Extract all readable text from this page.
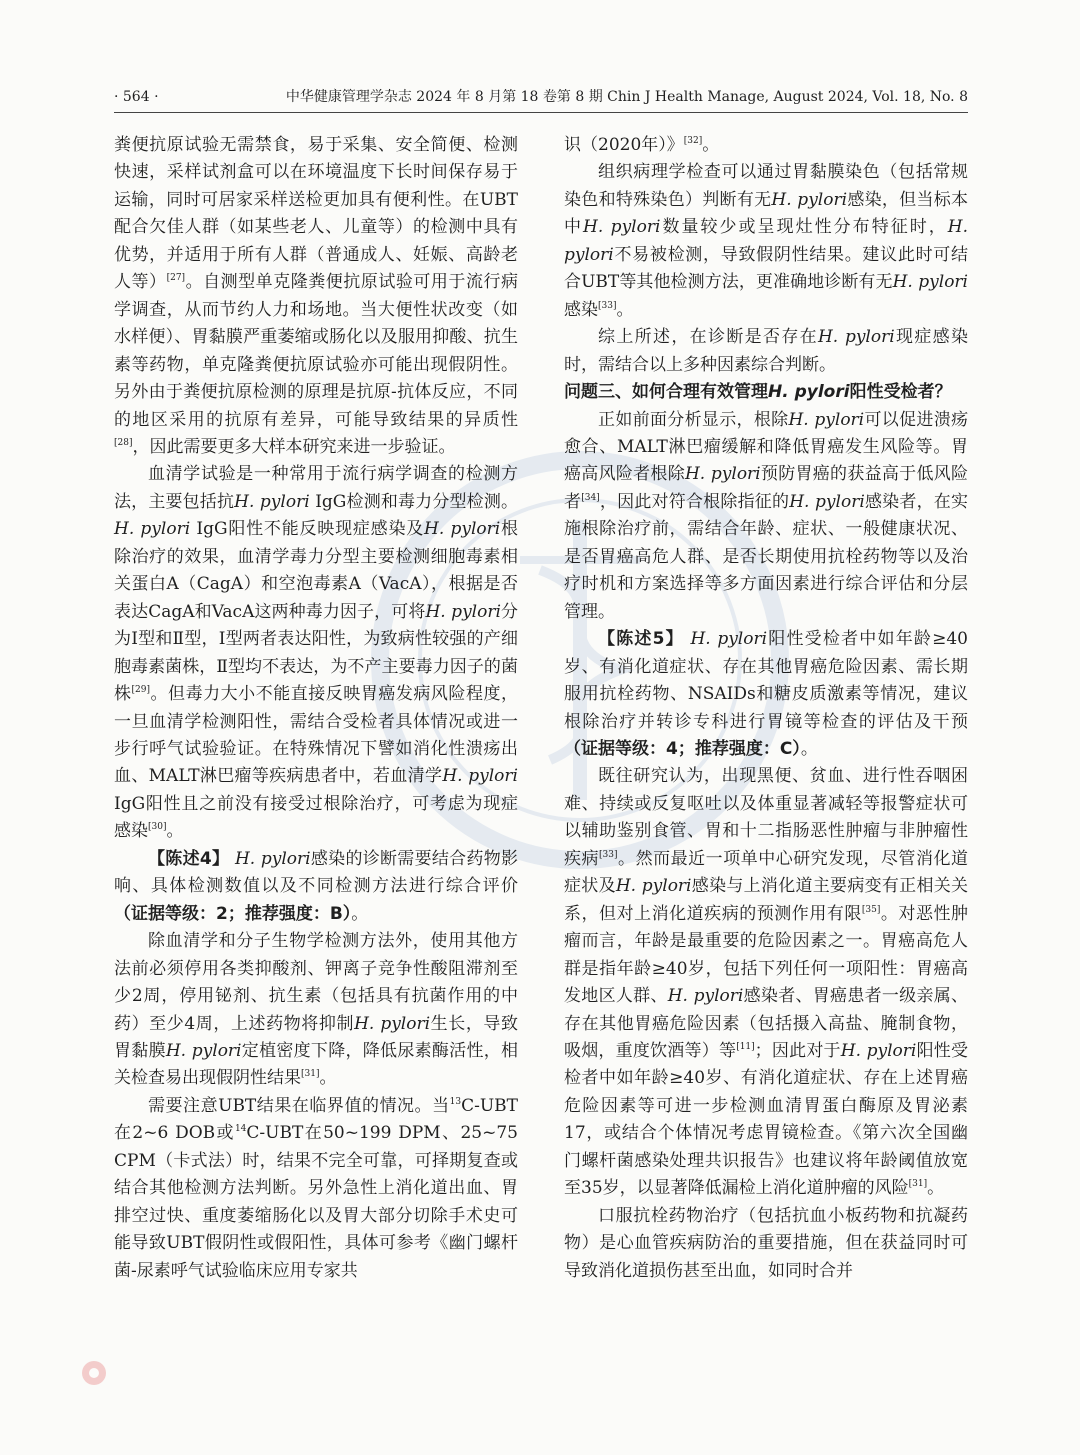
· 564 ·	中华健康管理学杂志 2024 年 8 月第 18 卷第 8 期 Chin J Health Manage, August 2024, Vol. 18, No. 8

粪便抗原试验无需禁食，易于采集、安全简便、检测快速，采样试剂盒可以在环境温度下长时间保存易于运输，同时可居家采样送检更加具有便利性。在UBT配合欠佳人群（如某些老人、儿童等）的检测中具有优势，并适用于所有人群（普通成人、妊娠、高龄老人等）[27]。自测型单克隆粪便抗原试验可用于流行病学调查，从而节约人力和场地。当大便性状改变（如水样便）、胃黏膜严重萎缩或肠化以及服用抑酸、抗生素等药物，单克隆粪便抗原试验亦可能出现假阴性。另外由于粪便抗原检测的原理是抗原-抗体反应，不同的地区采用的抗原有差异，可能导致结果的异质性[28]，因此需要更多大样本研究来进一步验证。

血清学试验是一种常用于流行病学调查的检测方法，主要包括抗H. pylori IgG检测和毒力分型检测。H. pylori IgG阳性不能反映现症感染及H. pylori根除治疗的效果，血清学毒力分型主要检测细胞毒素相关蛋白A（CagA）和空泡毒素A（VacA），根据是否表达CagA和VacA这两种毒力因子，可将H. pylori分为Ⅰ型和Ⅱ型，Ⅰ型两者表达阳性，为致病性较强的产细胞毒素菌株，Ⅱ型均不表达，为不产主要毒力因子的菌株[29]。但毒力大小不能直接反映胃癌发病风险程度，一旦血清学检测阳性，需结合受检者具体情况或进一步行呼气试验验证。在特殊情况下譬如消化性溃疡出血、MALT淋巴瘤等疾病患者中，若血清学H. pylori IgG阳性且之前没有接受过根除治疗，可考虑为现症感染[30]。

【陈述4】 H. pylori感染的诊断需要结合药物影响、具体检测数值以及不同检测方法进行综合评价（证据等级：2；推荐强度：B）。

除血清学和分子生物学检测方法外，使用其他方法前必须停用各类抑酸剂、钾离子竞争性酸阻滞剂至少2周，停用铋剂、抗生素（包括具有抗菌作用的中药）至少4周，上述药物将抑制H. pylori生长，导致胃黏膜H. pylori定植密度下降，降低尿素酶活性，相关检查易出现假阴性结果[31]。

需要注意UBT结果在临界值的情况。当$^{13}$C-UBT在2~6 DOB或$^{14}$C-UBT在50~199 DPM、25~75 CPM（卡式法）时，结果不完全可靠，可择期复查或结合其他检测方法判断。另外急性上消化道出血、胃排空过快、重度萎缩肠化以及胃大部分切除手术史可能导致UBT假阴性或假阳性，具体可参考《幽门螺杆菌-尿素呼气试验临床应用专家共

识（2020年）》[32]。

组织病理学检查可以通过胃黏膜染色（包括常规染色和特殊染色）判断有无H. pylori感染，但当标本中H. pylori数量较少或呈现灶性分布特征时，H. pylori不易被检测，导致假阴性结果。建议此时可结合UBT等其他检测方法，更准确地诊断有无H. pylori感染[33]。

综上所述，在诊断是否存在H. pylori现症感染时，需结合以上多种因素综合判断。

问题三、如何合理有效管理H. pylori阳性受检者？

正如前面分析显示，根除H. pylori可以促进溃疡愈合、MALT淋巴瘤缓解和降低胃癌发生风险等。胃癌高风险者根除H. pylori预防胃癌的获益高于低风险者[34]，因此对符合根除指征的H. pylori感染者，在实施根除治疗前，需结合年龄、症状、一般健康状况、是否胃癌高危人群、是否长期使用抗栓药物等以及治疗时机和方案选择等多方面因素进行综合评估和分层管理。

【陈述5】 H. pylori阳性受检者中如年龄≥40岁、有消化道症状、存在其他胃癌危险因素、需长期服用抗栓药物、NSAIDs和糖皮质激素等情况，建议根除治疗并转诊专科进行胃镜等检查的评估及干预（证据等级：4；推荐强度：C）。

既往研究认为，出现黑便、贫血、进行性吞咽困难、持续或反复呕吐以及体重显著减轻等报警症状可以辅助鉴别食管、胃和十二指肠恶性肿瘤与非肿瘤性疾病[33]。然而最近一项单中心研究发现，尽管消化道症状及H. pylori感染与上消化道主要病变有正相关关系，但对上消化道疾病的预测作用有限[35]。对恶性肿瘤而言，年龄是最重要的危险因素之一。胃癌高危人群是指年龄≥40岁，包括下列任何一项阳性：胃癌高发地区人群、H. pylori感染者、胃癌患者一级亲属、存在其他胃癌危险因素（包括摄入高盐、腌制食物，吸烟，重度饮酒等）等[11]；因此对于H. pylori阳性受检者中如年龄≥40岁、有消化道症状、存在上述胃癌危险因素等可进一步检测血清胃蛋白酶原及胃泌素17，或结合个体情况考虑胃镜检查。《第六次全国幽门螺杆菌感染处理共识报告》也建议将年龄阈值放宽至35岁，以显著降低漏检上消化道肿瘤的风险[31]。

口服抗栓药物治疗（包括抗血小板药物和抗凝药物）是心血管疾病防治的重要措施，但在获益同时可导致消化道损伤甚至出血，如同时合并
